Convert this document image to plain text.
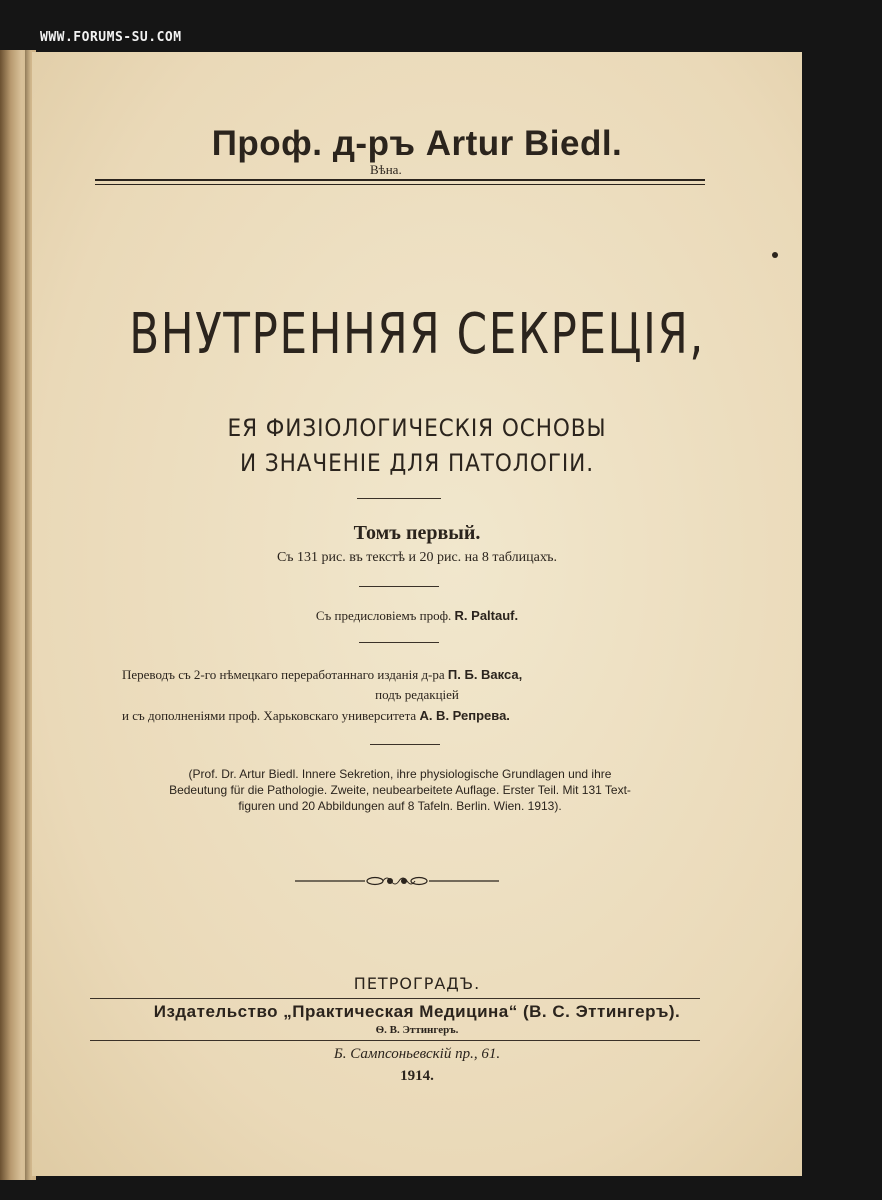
WWW.FORUMS-SU.COM
Проф. д-ръ Artur Biedl.
Вѣна.
ВНУТРЕННЯЯ СЕКРЕЦІЯ,
ЕЯ ФИЗІОЛОГИЧЕСКІЯ ОСНОВЫ
И ЗНАЧЕНІЕ ДЛЯ ПАТОЛОГІИ.
Томъ первый.
Съ 131 рис. въ текстѣ и 20 рис. на 8 таблицахъ.
Съ предисловіемъ проф. R. Paltauf.
Переводъ съ 2-го нѣмецкаго переработаннаго изданія д-ра П. Б. Вакса,
подъ редакціей
и съ дополненіями проф. Харьковскаго университета А. В. Репрева.
(Prof. Dr. Artur Biedl. Innere Sekretion, ihre physiologische Grundlagen und ihre
Bedeutung für die Pathologie. Zweite, neubearbeitete Auflage. Erster Teil. Mit 131 Text-
figuren und 20 Abbildungen auf 8 Tafeln. Berlin. Wien. 1913).
ПЕТРОГРАДЪ.
Издательство „Практическая Медицина“ (В. С. Эттингеръ).
Ѳ. В. Эттингеръ.
Б. Сампсоньевскій пр., 61.
1914.
